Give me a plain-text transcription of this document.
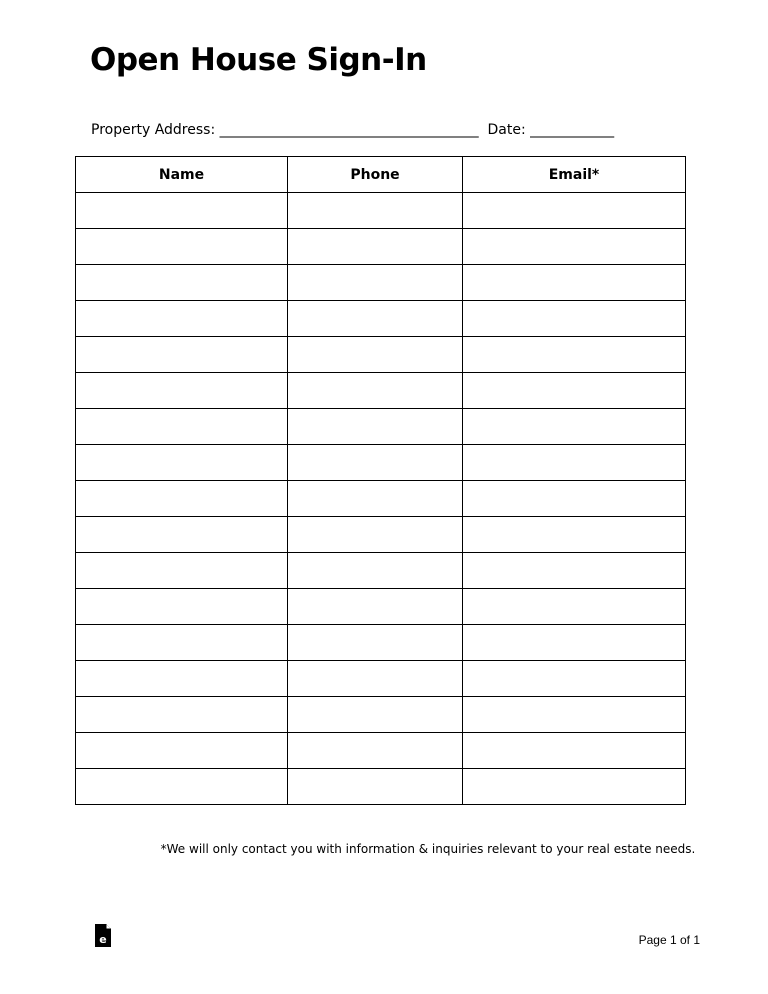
Open House Sign-In
Property Address: _____________________________________ Date: ____________
Name	Phone	Email*

*We will only contact you with information & inquiries relevant to your real estate needs.
e	Page 1 of 1
